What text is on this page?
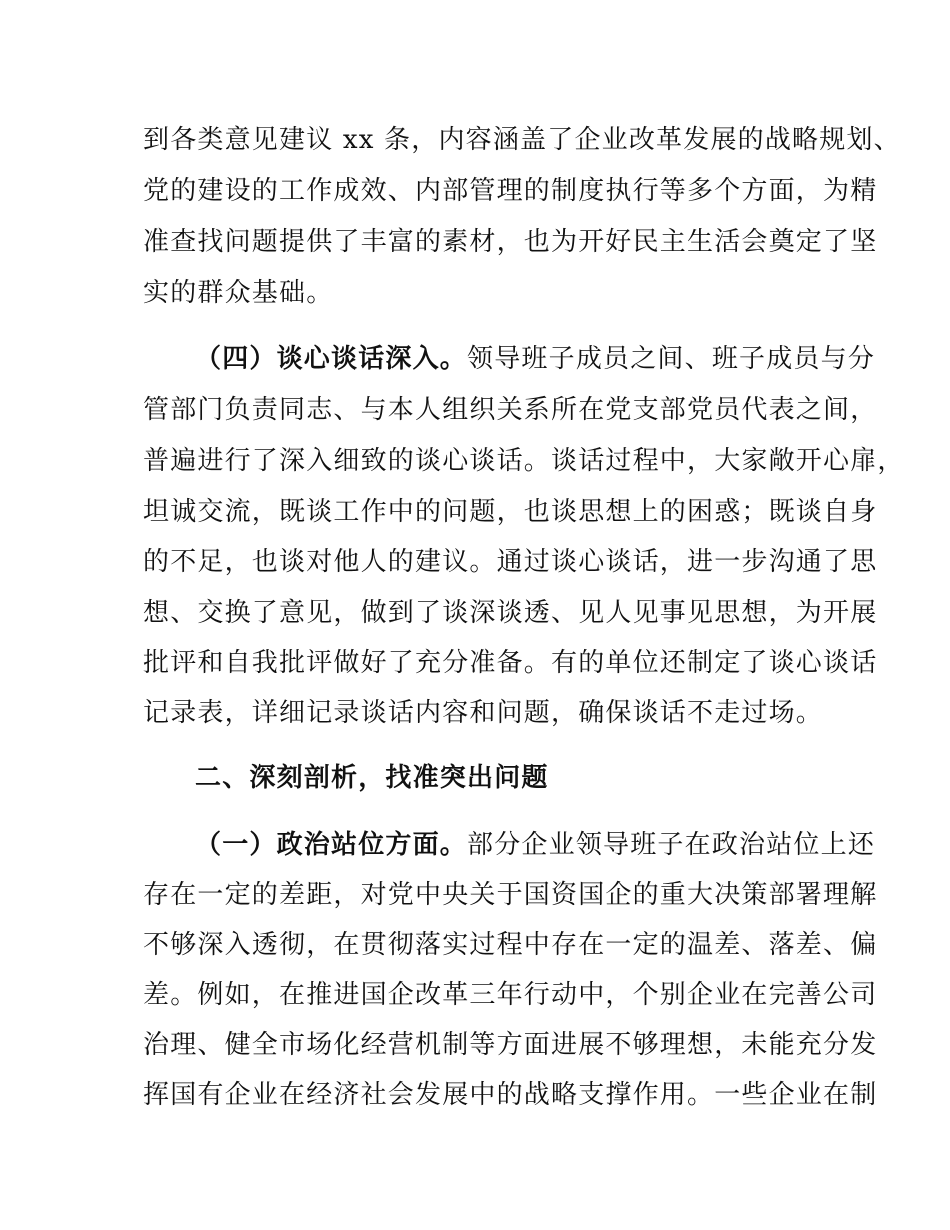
到各类意见建议 xx 条，内容涵盖了企业改革发展的战略规划、
党的建设的工作成效、内部管理的制度执行等多个方面，为精
准查找问题提供了丰富的素材，也为开好民主生活会奠定了坚
实的群众基础。
（四）谈心谈话深入。领导班子成员之间、班子成员与分
管部门负责同志、与本人组织关系所在党支部党员代表之间，
普遍进行了深入细致的谈心谈话。谈话过程中，大家敞开心扉，
坦诚交流，既谈工作中的问题，也谈思想上的困惑；既谈自身
的不足，也谈对他人的建议。通过谈心谈话，进一步沟通了思
想、交换了意见，做到了谈深谈透、见人见事见思想，为开展
批评和自我批评做好了充分准备。有的单位还制定了谈心谈话
记录表，详细记录谈话内容和问题，确保谈话不走过场。
二、深刻剖析，找准突出问题
（一）政治站位方面。部分企业领导班子在政治站位上还
存在一定的差距，对党中央关于国资国企的重大决策部署理解
不够深入透彻，在贯彻落实过程中存在一定的温差、落差、偏
差。例如，在推进国企改革三年行动中，个别企业在完善公司
治理、健全市场化经营机制等方面进展不够理想，未能充分发
挥国有企业在经济社会发展中的战略支撑作用。一些企业在制
